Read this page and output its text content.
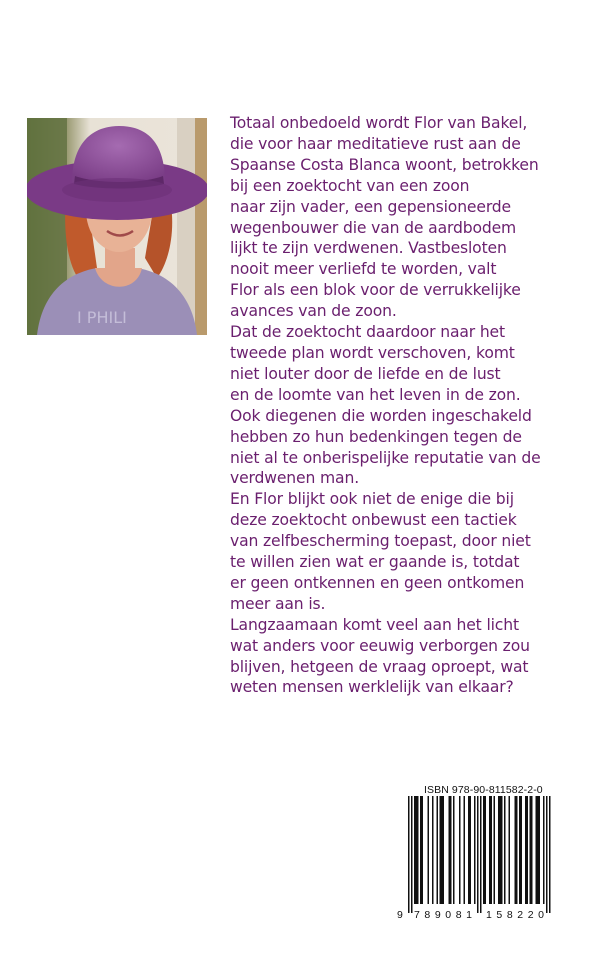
I PHILI
Totaal onbedoeld wordt Flor van Bakel,
die voor haar meditatieve rust aan de
Spaanse Costa Blanca woont, betrokken
bij een zoektocht van een zoon
naar zijn vader, een gepensioneerde
wegenbouwer die van de aardbodem
lijkt te zijn verdwenen. Vastbesloten
nooit meer verliefd te worden, valt
Flor als een blok voor de verrukkelijke
avances van de zoon.
Dat de zoektocht daardoor naar het
tweede plan wordt verschoven, komt
niet louter door de liefde en de lust
en de loomte van het leven in de zon.
Ook diegenen die worden ingeschakeld
hebben zo hun bedenkingen tegen de
niet al te onberispelijke reputatie van de
verdwenen man.
En Flor blijkt ook niet de enige die bij
deze zoektocht onbewust een tactiek
van zelfbescherming toepast, door niet
te willen zien wat er gaande is, totdat
er geen ontkennen en geen ontkomen
meer aan is.
Langzaamaan komt veel aan het licht
wat anders voor eeuwig verborgen zou
blijven, hetgeen de vraag oproept, wat
weten mensen werklelijk van elkaar?
ISBN 978-90-811582-2-0
9 789081 158220
